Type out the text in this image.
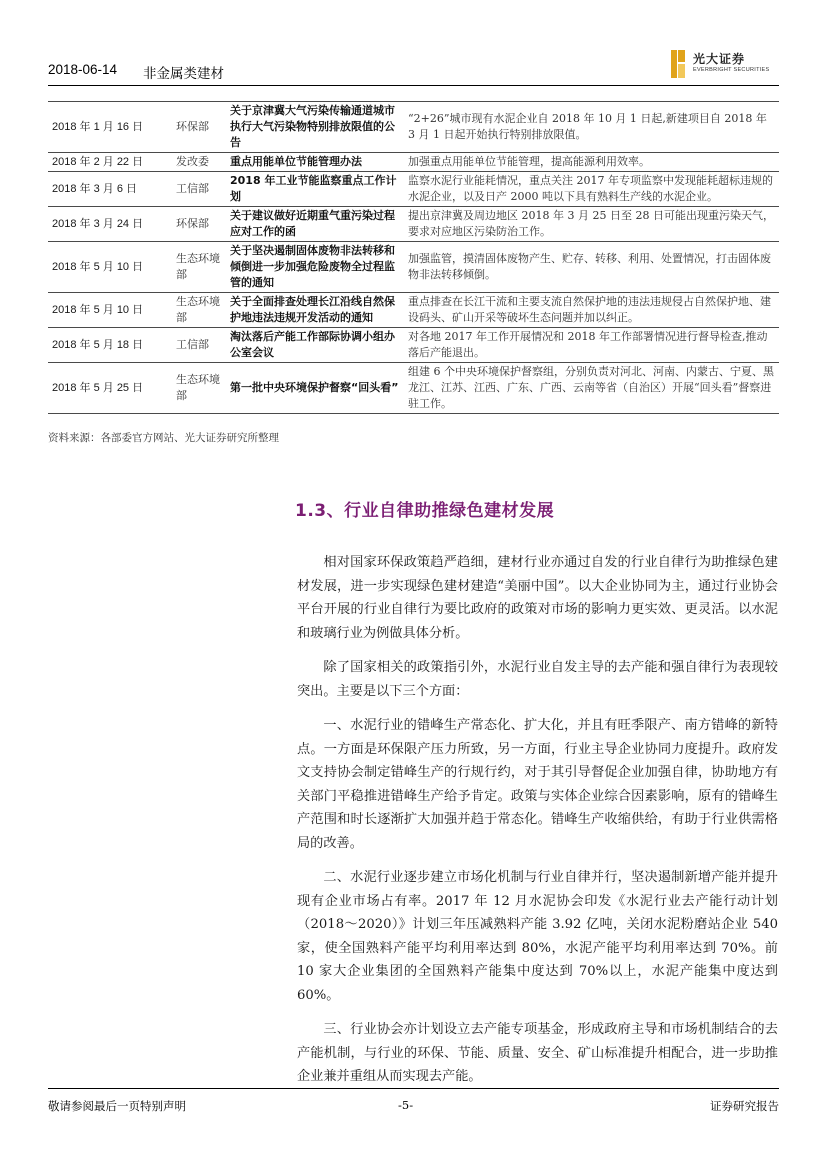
2018-06-14 非金属类建材
光大证券
EVERBRIGHT SECURITIES
2018 年 1 月 16 日	环保部	关于京津冀大气污染传输通道城市执行大气污染物特别排放限值的公告	“2+26”城市现有水泥企业自 2018 年 10 月 1 日起,新建项目自 2018 年 3 月 1 日起开始执行特别排放限值。
2018 年 2 月 22 日	发改委	重点用能单位节能管理办法	加强重点用能单位节能管理，提高能源利用效率。
2018 年 3 月 6 日	工信部	2018 年工业节能监察重点工作计划	监察水泥行业能耗情况，重点关注 2017 年专项监察中发现能耗超标违规的水泥企业，以及日产 2000 吨以下具有熟料生产线的水泥企业。
2018 年 3 月 24 日	环保部	关于建议做好近期重气重污染过程应对工作的函	提出京津冀及周边地区 2018 年 3 月 25 日至 28 日可能出现重污染天气，要求对应地区污染防治工作。
2018 年 5 月 10 日	生态环境部	关于坚决遏制固体废物非法转移和倾倒进一步加强危险废物全过程监管的通知	加强监管，摸清固体废物产生、贮存、转移、利用、处置情况，打击固体废物非法转移倾倒。
2018 年 5 月 10 日	生态环境部	关于全面排查处理长江沿线自然保护地违法违规开发活动的通知	重点排查在长江干流和主要支流自然保护地的违法违规侵占自然保护地、建设码头、矿山开采等破坏生态问题并加以纠正。
2018 年 5 月 18 日	工信部	淘汰落后产能工作部际协调小组办公室会议	对各地 2017 年工作开展情况和 2018 年工作部署情况进行督导检查,推动落后产能退出。
2018 年 5 月 25 日	生态环境部	第一批中央环境保护督察“回头看”	组建 6 个中央环境保护督察组，分别负责对河北、河南、内蒙古、宁夏、黑龙江、江苏、江西、广东、广西、云南等省（自治区）开展“回头看”督察进驻工作。
资料来源：各部委官方网站、光大证券研究所整理
1.3、行业自律助推绿色建材发展

相对国家环保政策趋严趋细，建材行业亦通过自发的行业自律行为助推绿色建材发展，进一步实现绿色建材建造“美丽中国”。以大企业协同为主，通过行业协会平台开展的行业自律行为要比政府的政策对市场的影响力更实效、更灵活。以水泥和玻璃行业为例做具体分析。

除了国家相关的政策指引外，水泥行业自发主导的去产能和强自律行为表现较突出。主要是以下三个方面：

一、水泥行业的错峰生产常态化、扩大化，并且有旺季限产、南方错峰的新特点。一方面是环保限产压力所致，另一方面，行业主导企业协同力度提升。政府发文支持协会制定错峰生产的行规行约，对于其引导督促企业加强自律，协助地方有关部门平稳推进错峰生产给予肯定。政策与实体企业综合因素影响，原有的错峰生产范围和时长逐渐扩大加强并趋于常态化。错峰生产收缩供给，有助于行业供需格局的改善。

二、水泥行业逐步建立市场化机制与行业自律并行，坚决遏制新增产能并提升现有企业市场占有率。2017 年 12 月水泥协会印发《水泥行业去产能行动计划（2018～2020）》计划三年压减熟料产能 3.92 亿吨，关闭水泥粉磨站企业 540 家，使全国熟料产能平均利用率达到 80%，水泥产能平均利用率达到 70%。前 10 家大企业集团的全国熟料产能集中度达到 70%以上，水泥产能集中度达到 60%。

三、行业协会亦计划设立去产能专项基金，形成政府主导和市场机制结合的去产能机制，与行业的环保、节能、质量、安全、矿山标准提升相配合，进一步助推企业兼并重组从而实现去产能。

敬请参阅最后一页特别声明	-5-	证券研究报告
